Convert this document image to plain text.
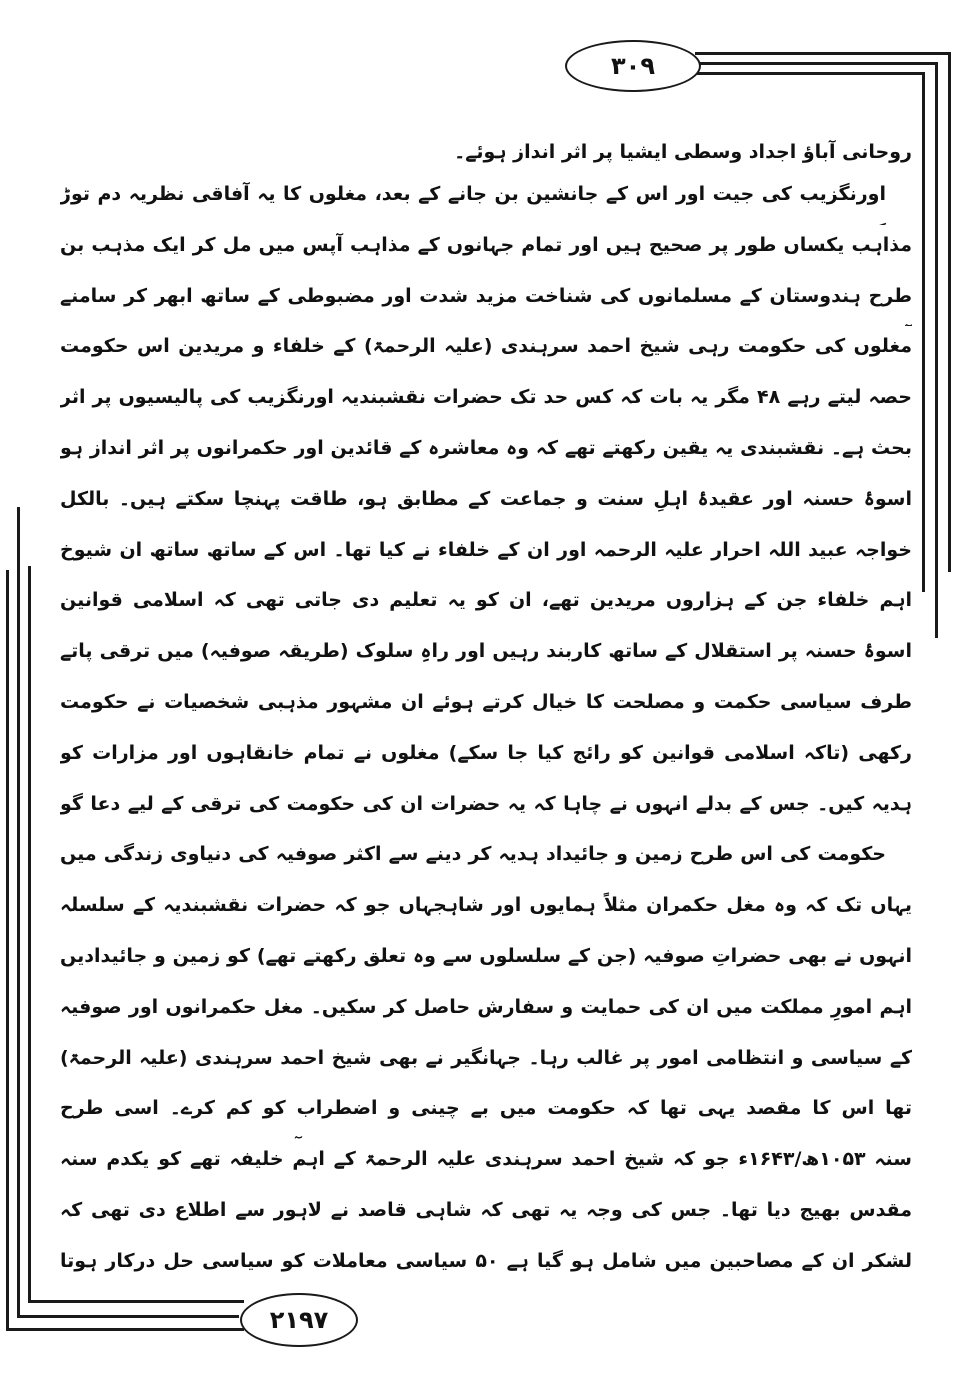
۳۰۹
۲۱۹۷
روحانی آباؤ اجداد وسطی ایشیا پر اثر انداز ہوئے۔
اورنگزیب کی جیت اور اس کے جانشین بن جانے کے بعد، مغلوں کا یہ آفاقی نظریہ دم توڑ
مذاہب یکساں طور پر صحیح ہیں اور تمام جہانوں کے مذاہب آپس میں مل کر ایک مذہب بن
طرح ہندوستان کے مسلمانوں کی شناخت مزید شدت اور مضبوطی کے ساتھ ابھر کر سامنے
مغلوں کی حکومت رہی شیخ احمد سرہندی (علیہ الرحمۃ) کے خلفاء و مریدین اس حکومت
حصہ لیتے رہے ۴۸ مگر یہ بات کہ کس حد تک حضرات نقشبندیہ اورنگزیب کی پالیسیوں پر اثر
بحث ہے۔ نقشبندی یہ یقین رکھتے تھے کہ وہ معاشرہ کے قائدین اور حکمرانوں پر اثر انداز ہو
اسوۂ حسنہ اور عقیدۂ اہلِ سنت و جماعت کے مطابق ہو، طاقت پہنچا سکتے ہیں۔ بالکل
خواجہ عبید اللہ احرار علیہ الرحمہ اور ان کے خلفاء نے کیا تھا۔ اس کے ساتھ ساتھ ان شیوخ
اہم خلفاء جن کے ہزاروں مریدین تھے، ان کو یہ تعلیم دی جاتی تھی کہ اسلامی قوانین
اسوۂ حسنہ پر استقلال کے ساتھ کاربند رہیں اور راہِ سلوک (طریقہ صوفیہ) میں ترقی پاتے
طرف سیاسی حکمت و مصلحت کا خیال کرتے ہوئے ان مشہور مذہبی شخصیات نے حکومت
رکھی (تاکہ اسلامی قوانین کو رائج کیا جا سکے) مغلوں نے تمام خانقاہوں اور مزارات کو
ہدیہ کیں۔ جس کے بدلے انہوں نے چاہا کہ یہ حضرات ان کی حکومت کی ترقی کے لیے دعا گو
حکومت کی اس طرح زمین و جائیداد ہدیہ کر دینے سے اکثر صوفیہ کی دنیاوی زندگی میں
یہاں تک کہ وہ مغل حکمران مثلاً ہمایوں اور شاہجہاں جو کہ حضرات نقشبندیہ کے سلسلہ
انہوں نے بھی حضراتِ صوفیہ (جن کے سلسلوں سے وہ تعلق رکھتے تھے) کو زمین و جائیدادیں
اہم امورِ مملکت میں ان کی حمایت و سفارش حاصل کر سکیں۔ مغل حکمرانوں اور صوفیہ
کے سیاسی و انتظامی امور پر غالب رہا۔ جہانگیر نے بھی شیخ احمد سرہندی (علیہ الرحمۃ)
تھا اس کا مقصد یہی تھا کہ حکومت میں بے چینی و اضطراب کو کم کرے۔ اسی طرح
سنہ ۱۰۵۳ھ/۱۶۴۳ء جو کہ شیخ احمد سرہندی علیہ الرحمۃ کے اہم خلیفہ تھے کو یکدم سنہ
مقدس بھیج دیا تھا۔ جس کی وجہ یہ تھی کہ شاہی قاصد نے لاہور سے اطلاع دی تھی کہ
لشکر ان کے مصاحبین میں شامل ہو گیا ہے ۵۰ سیاسی معاملات کو سیاسی حل درکار ہوتا
